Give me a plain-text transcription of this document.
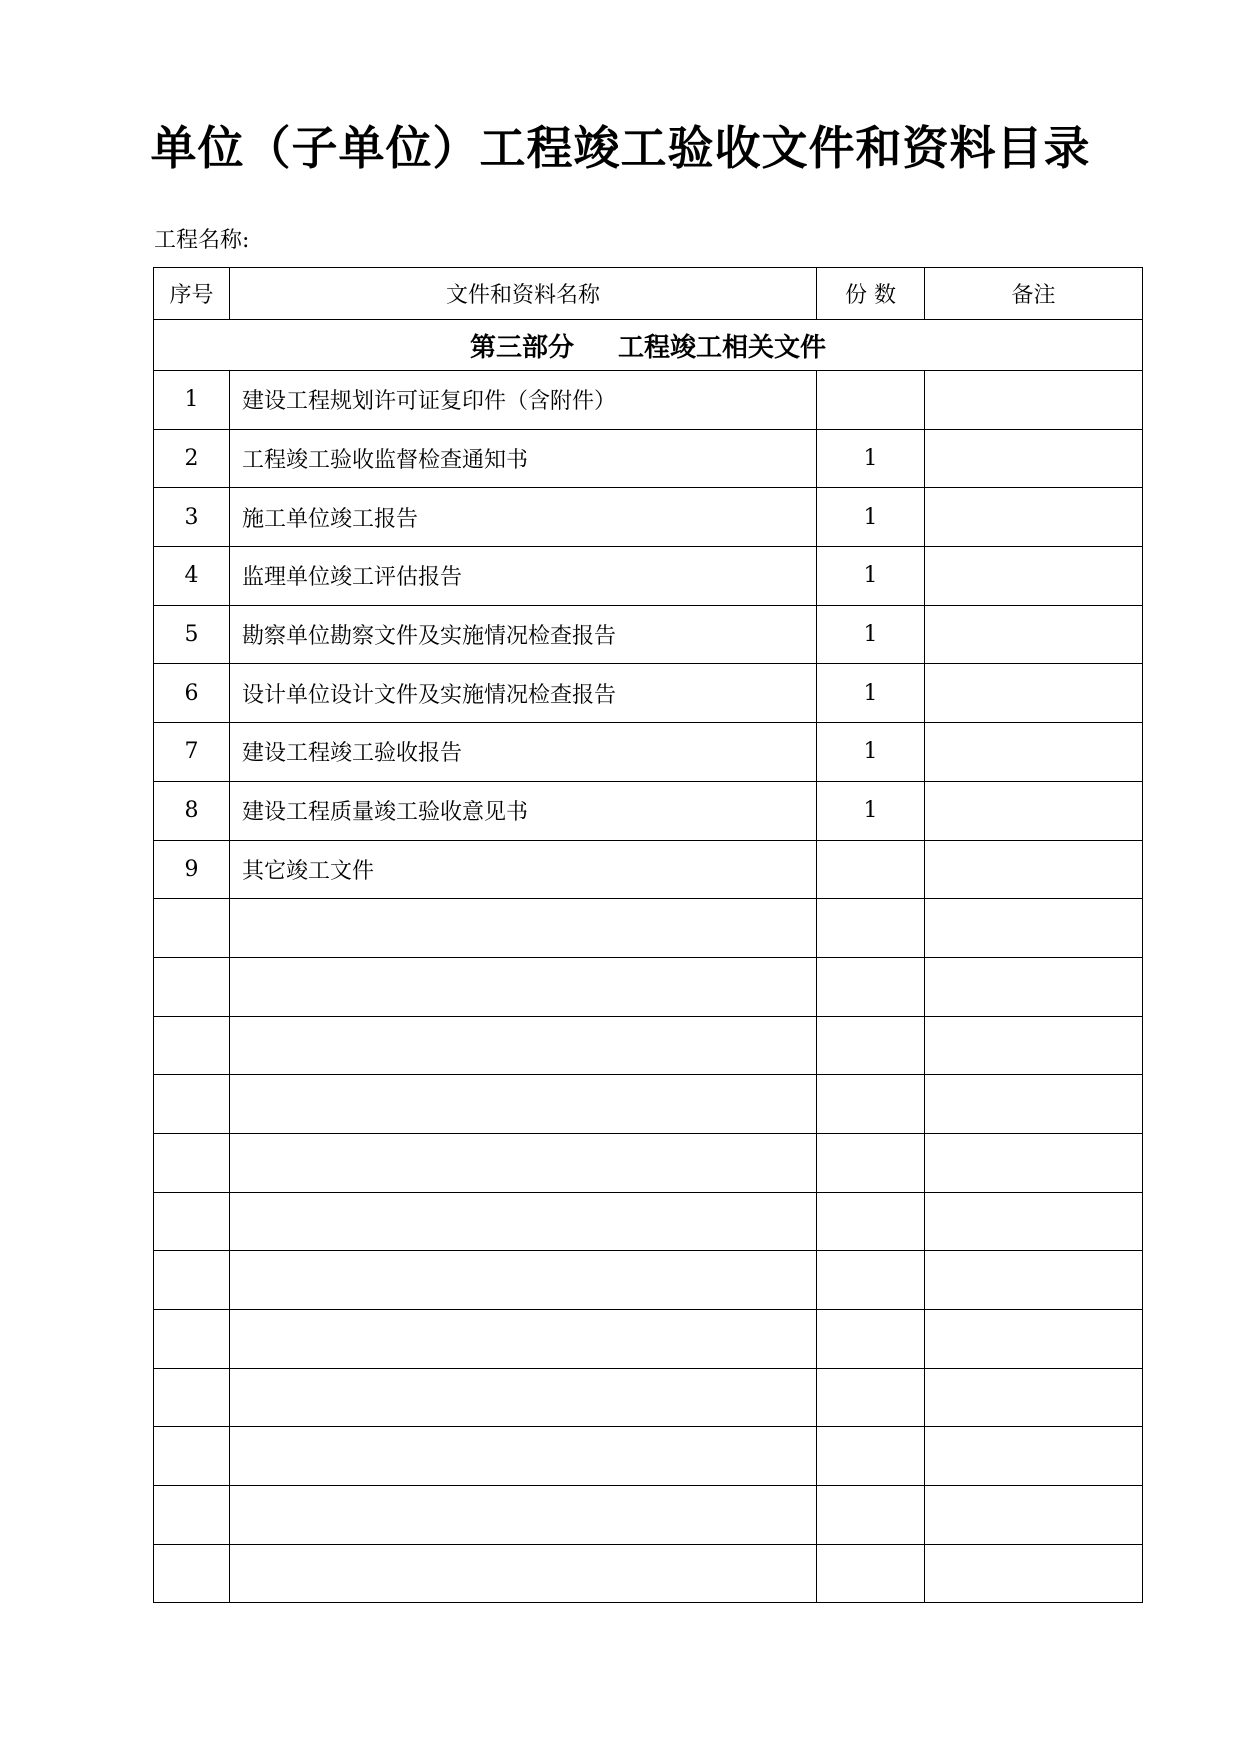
单位（子单位）工程竣工验收文件和资料目录
工程名称:
序号	文件和资料名称	份 数	备注
第三部分 工程竣工相关文件			
1	建设工程规划许可证复印件（含附件）		
2	工程竣工验收监督检查通知书	1	
3	施工单位竣工报告	1	
4	监理单位竣工评估报告	1	
5	勘察单位勘察文件及实施情况检查报告	1	
6	设计单位设计文件及实施情况检查报告	1	
7	建设工程竣工验收报告	1	
8	建设工程质量竣工验收意见书	1	
9	其它竣工文件		
